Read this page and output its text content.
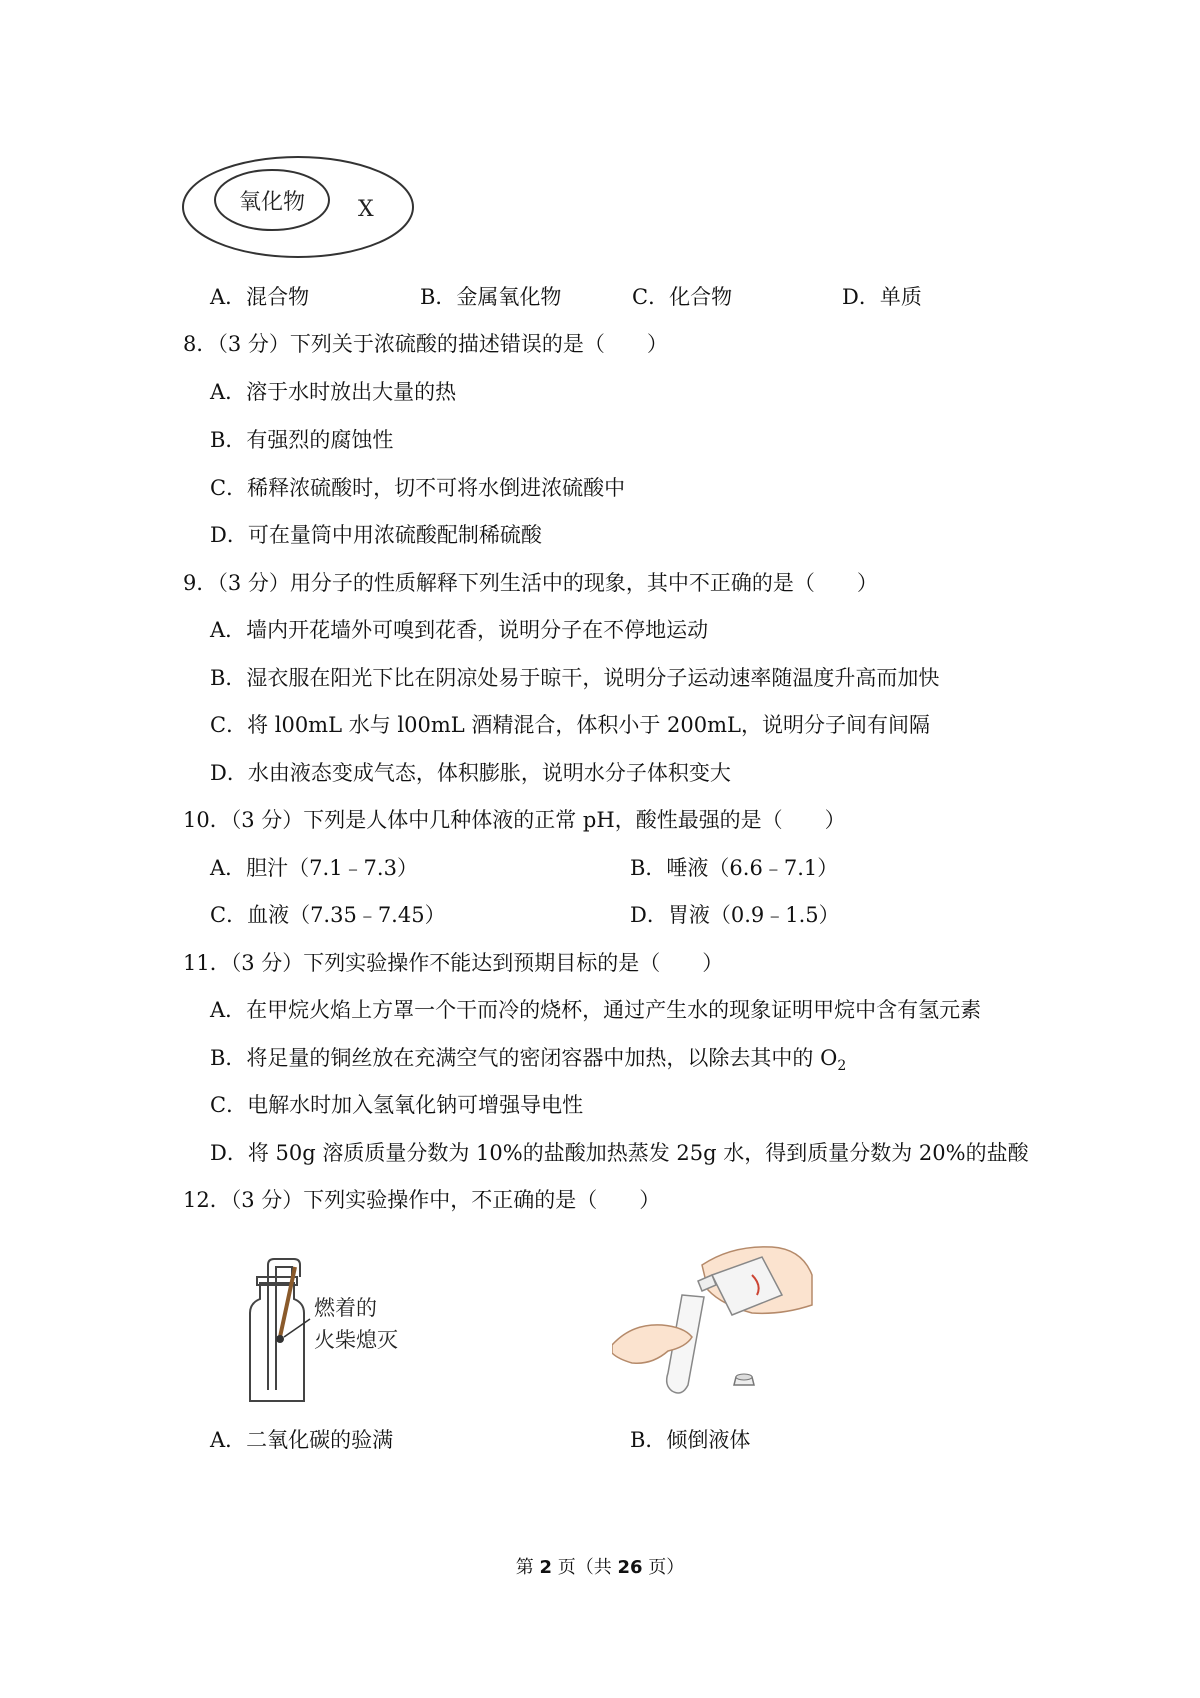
氧化物 X
A．混合物	B．金属氧化物	C．化合物	D．单质
8．（3 分）下列关于浓硫酸的描述错误的是（　　）
A．溶于水时放出大量的热
B．有强烈的腐蚀性
C．稀释浓硫酸时，切不可将水倒进浓硫酸中
D．可在量筒中用浓硫酸配制稀硫酸
9．（3 分）用分子的性质解释下列生活中的现象，其中不正确的是（　　）
A．墙内开花墙外可嗅到花香，说明分子在不停地运动
B．湿衣服在阳光下比在阴凉处易于晾干，说明分子运动速率随温度升高而加快
C．将 l00mL 水与 l00mL 酒精混合，体积小于 200mL，说明分子间有间隔
D．水由液态变成气态，体积膨胀，说明水分子体积变大
10．（3 分）下列是人体中几种体液的正常 pH，酸性最强的是（　　）
A．胆汁（7.1﹣7.3）	B．唾液（6.6﹣7.1）
C．血液（7.35﹣7.45）	D．胃液（0.9﹣1.5）
11．（3 分）下列实验操作不能达到预期目标的是（　　）
A．在甲烷火焰上方罩一个干而冷的烧杯，通过产生水的现象证明甲烷中含有氢元素
B．将足量的铜丝放在充满空气的密闭容器中加热，以除去其中的 $O_2$
C．电解水时加入氢氧化钠可增强导电性
D．将 50g 溶质质量分数为 10%的盐酸加热蒸发 25g 水，得到质量分数为 20%的盐酸
12．（3 分）下列实验操作中，不正确的是（　　）
燃着的
火柴熄灭
A．二氧化碳的验满	B．倾倒液体
第 2 页（共 26 页）
